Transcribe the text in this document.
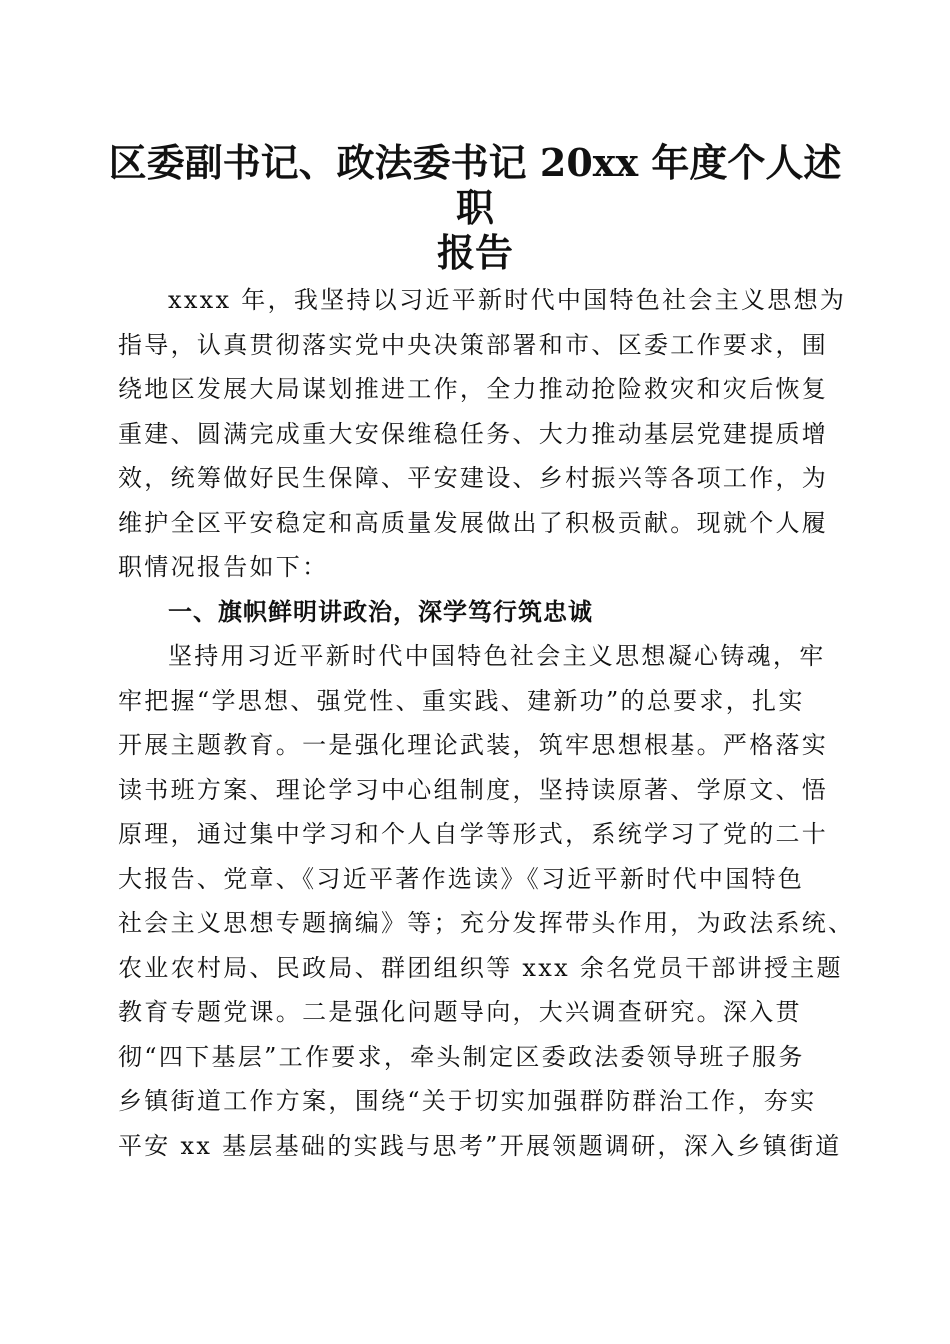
区委副书记、政法委书记 20xx 年度个人述职
报告
xxxx 年，我坚持以习近平新时代中国特色社会主义思想为
指导，认真贯彻落实党中央决策部署和市、区委工作要求，围
绕地区发展大局谋划推进工作，全力推动抢险救灾和灾后恢复
重建、圆满完成重大安保维稳任务、大力推动基层党建提质增
效，统筹做好民生保障、平安建设、乡村振兴等各项工作，为
维护全区平安稳定和高质量发展做出了积极贡献。现就个人履
职情况报告如下：
一、旗帜鲜明讲政治，深学笃行筑忠诚
坚持用习近平新时代中国特色社会主义思想凝心铸魂，牢
牢把握“学思想、强党性、重实践、建新功”的总要求，扎实
开展主题教育。一是强化理论武装，筑牢思想根基。严格落实
读书班方案、理论学习中心组制度，坚持读原著、学原文、悟
原理，通过集中学习和个人自学等形式，系统学习了党的二十
大报告、党章、《习近平著作选读》《习近平新时代中国特色
社会主义思想专题摘编》等；充分发挥带头作用，为政法系统、
农业农村局、民政局、群团组织等 xxx 余名党员干部讲授主题
教育专题党课。二是强化问题导向，大兴调查研究。深入贯
彻“四下基层”工作要求，牵头制定区委政法委领导班子服务
乡镇街道工作方案，围绕“关于切实加强群防群治工作，夯实
平安 xx 基层基础的实践与思考”开展领题调研，深入乡镇街道
